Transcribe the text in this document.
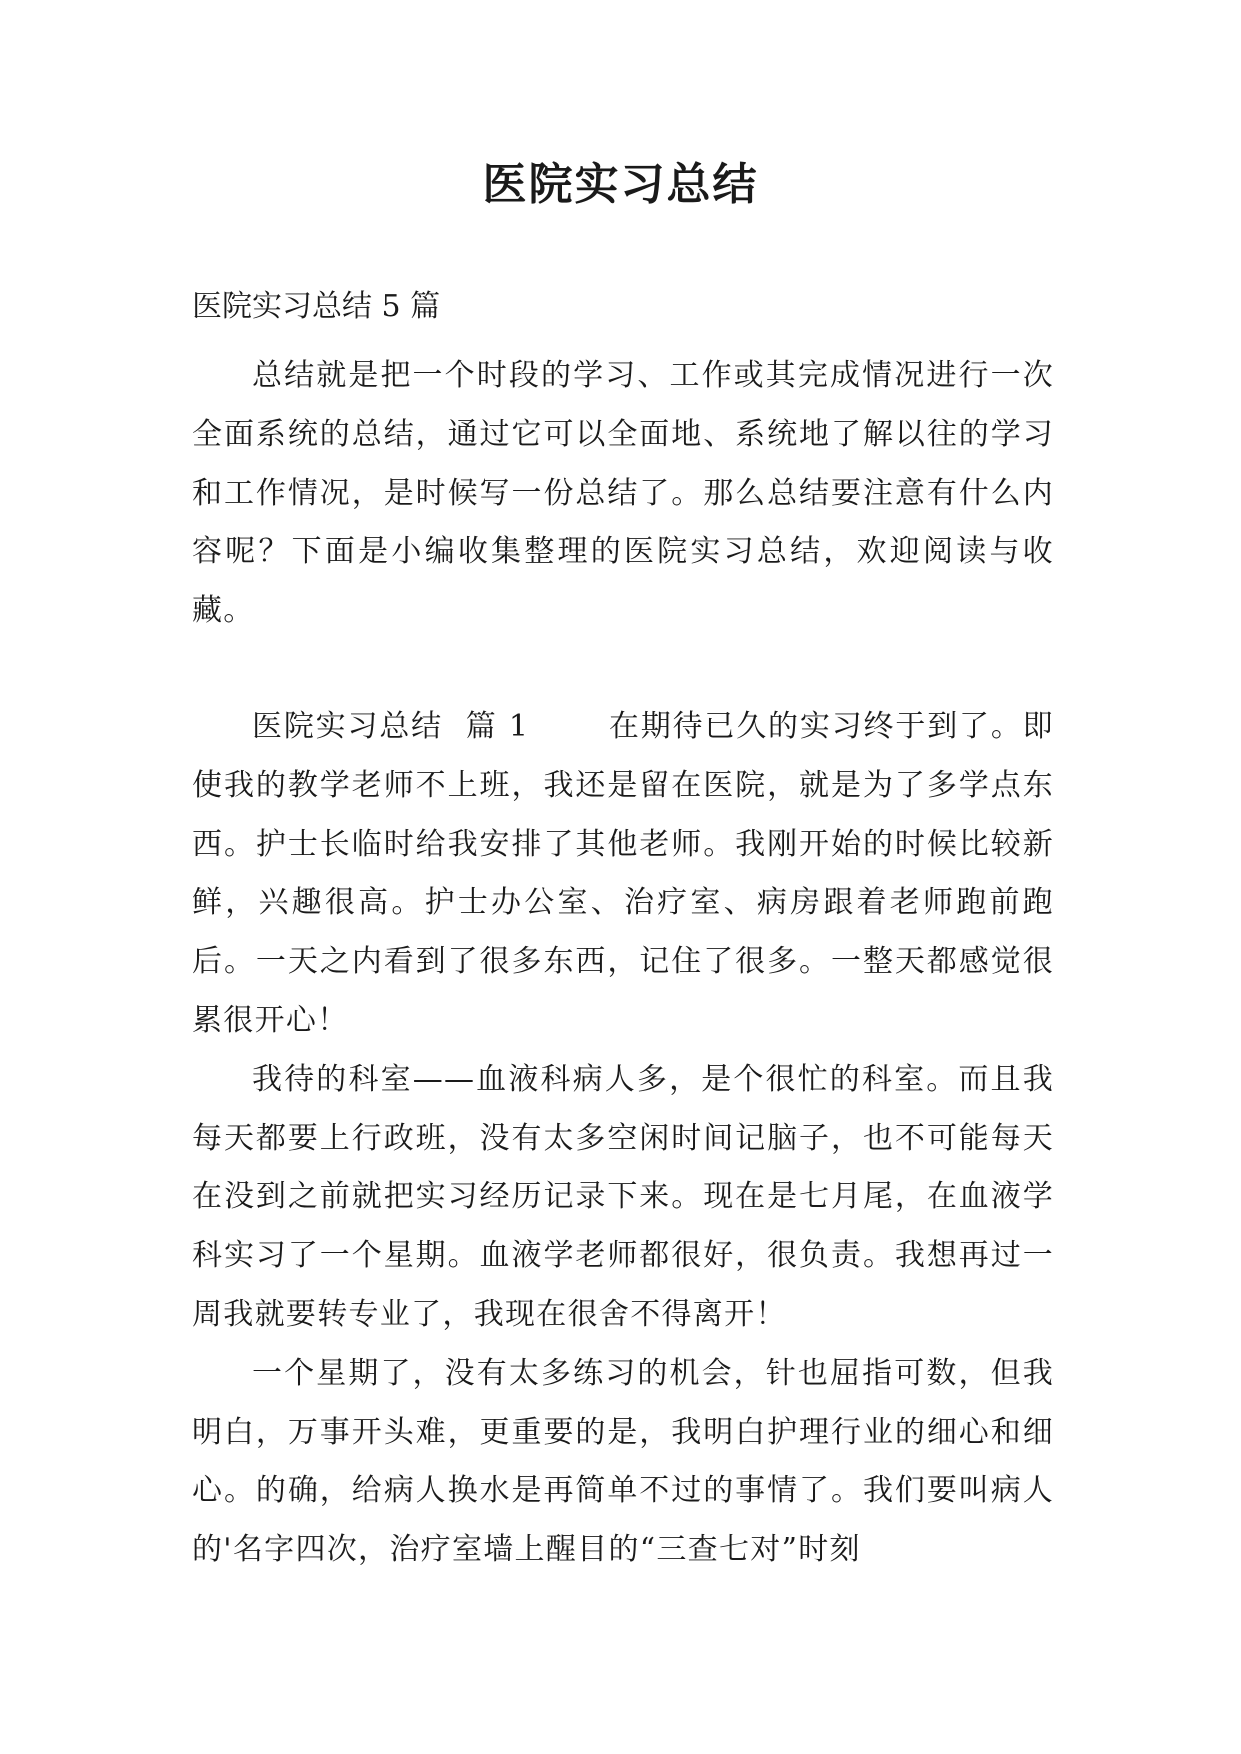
医院实习总结

医院实习总结 5 篇

总结就是把一个时段的学习、工作或其完成情况进行一次全面系统的总结，通过它可以全面地、系统地了解以往的学习和工作情况，是时候写一份总结了。那么总结要注意有什么内容呢？下面是小编收集整理的医院实习总结，欢迎阅读与收藏。

医院实习总结  篇 1       在期待已久的实习终于到了。即使我的教学老师不上班，我还是留在医院，就是为了多学点东西。护士长临时给我安排了其他老师。我刚开始的时候比较新鲜，兴趣很高。护士办公室、治疗室、病房跟着老师跑前跑后。一天之内看到了很多东西，记住了很多。一整天都感觉很累很开心！

我待的科室——血液科病人多，是个很忙的科室。而且我每天都要上行政班，没有太多空闲时间记脑子，也不可能每天在没到之前就把实习经历记录下来。现在是七月尾，在血液学科实习了一个星期。血液学老师都很好，很负责。我想再过一周我就要转专业了，我现在很舍不得离开！

一个星期了，没有太多练习的机会，针也屈指可数，但我明白，万事开头难，更重要的是，我明白护理行业的细心和细心。的确，给病人换水是再简单不过的事情了。我们要叫病人的'名字四次，治疗室墙上醒目的“三查七对”时刻
